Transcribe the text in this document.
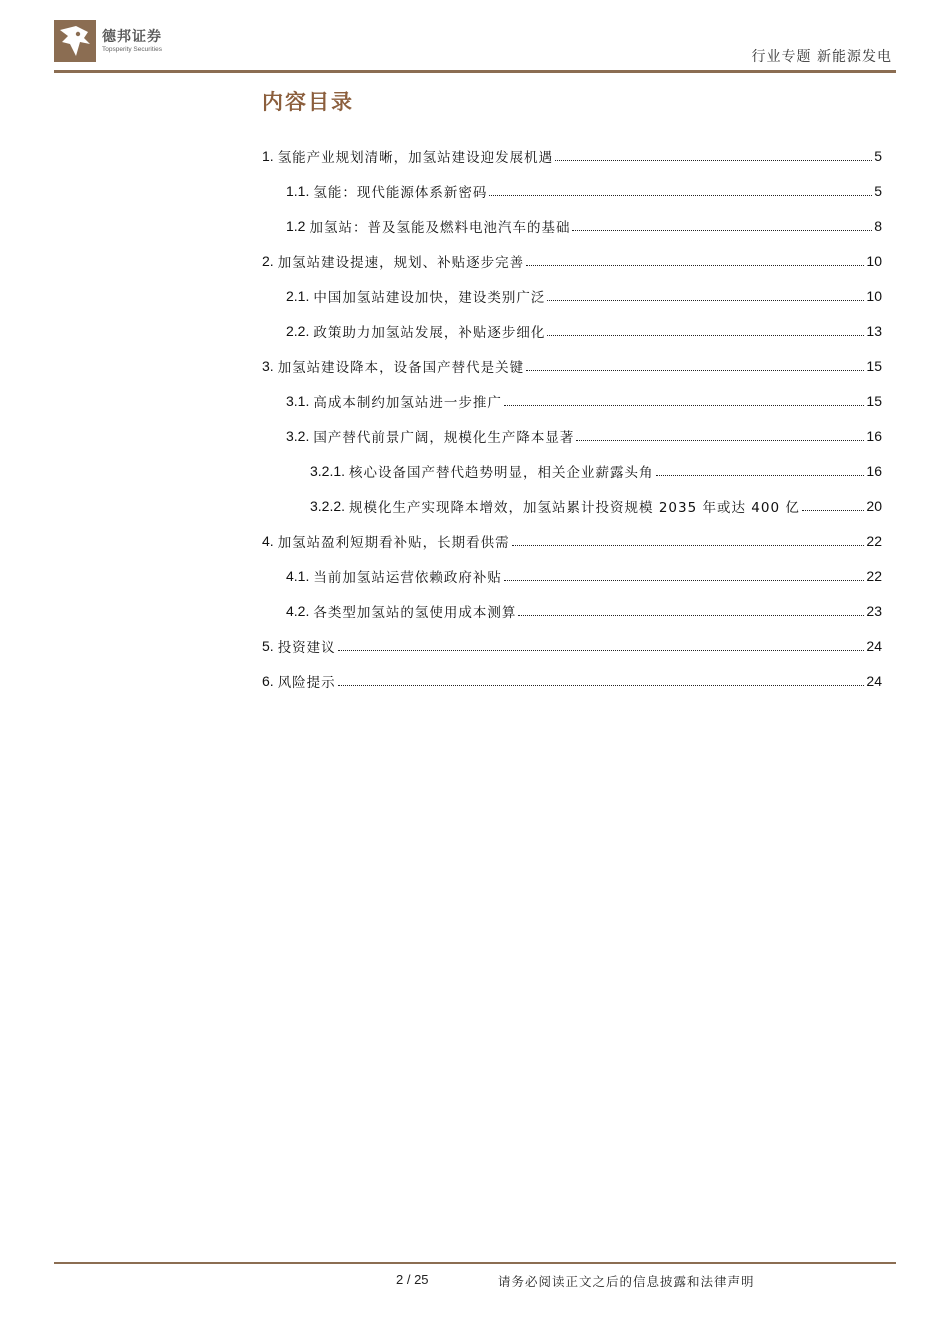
德邦证券
Topsperity Securities	行业专题 新能源发电
内容目录
1. 氢能产业规划清晰，加氢站建设迎发展机遇	5
1.1. 氢能：现代能源体系新密码	5
1.2 加氢站：普及氢能及燃料电池汽车的基础	8
2. 加氢站建设提速，规划、补贴逐步完善	10
2.1. 中国加氢站建设加快，建设类别广泛	10
2.2. 政策助力加氢站发展，补贴逐步细化	13
3. 加氢站建设降本，设备国产替代是关键	15
3.1. 高成本制约加氢站进一步推广	15
3.2. 国产替代前景广阔，规模化生产降本显著	16
3.2.1. 核心设备国产替代趋势明显，相关企业薪露头角	16
3.2.2. 规模化生产实现降本增效，加氢站累计投资规模 2035 年或达 400 亿	20
4. 加氢站盈利短期看补贴，长期看供需	22
4.1. 当前加氢站运营依赖政府补贴	22
4.2. 各类型加氢站的氢使用成本测算	23
5. 投资建议	24
6. 风险提示	24
2 / 25	请务必阅读正文之后的信息披露和法律声明
